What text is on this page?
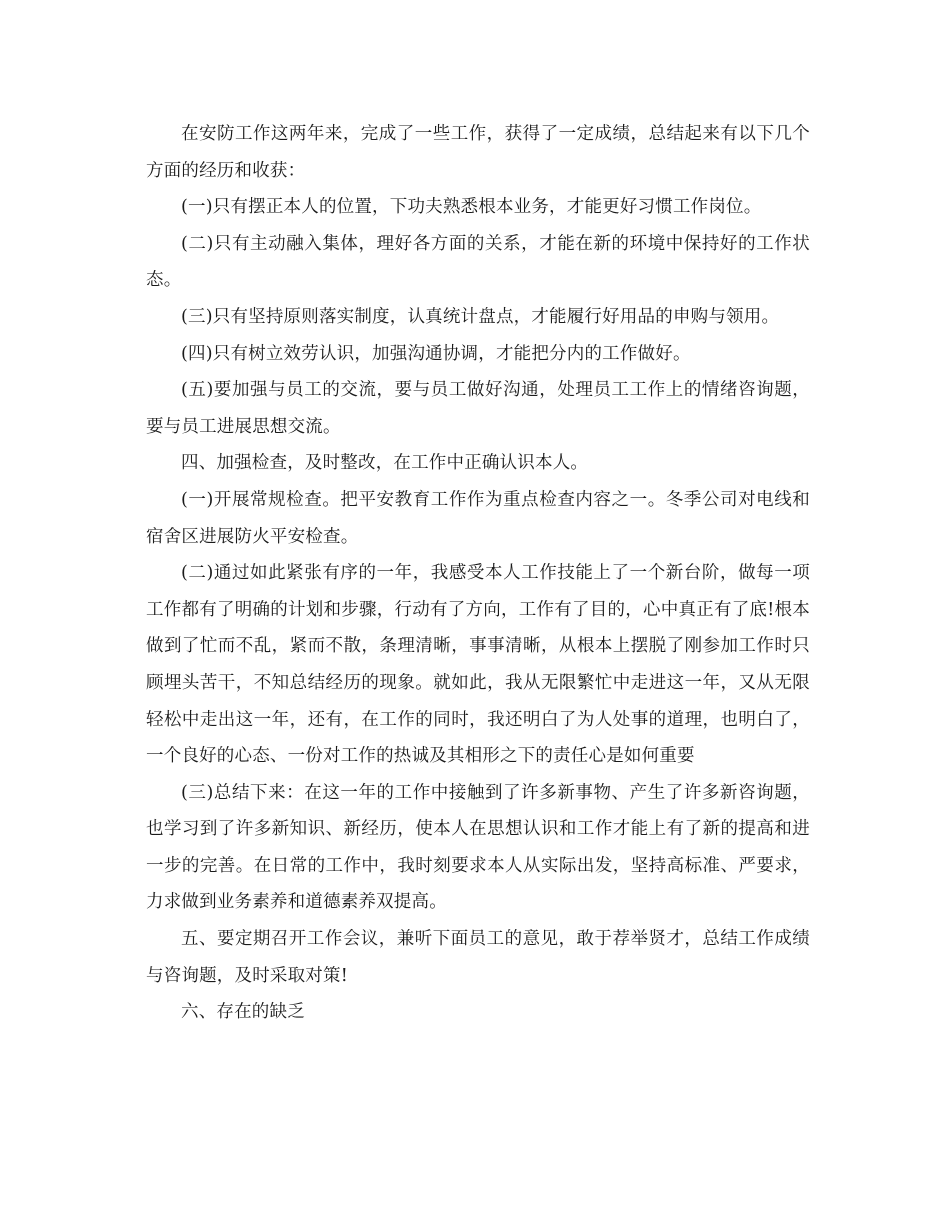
在安防工作这两年来，完成了一些工作，获得了一定成绩，总结起来有以下几个方面的经历和收获：

(一)只有摆正本人的位置，下功夫熟悉根本业务，才能更好习惯工作岗位。

(二)只有主动融入集体，理好各方面的关系，才能在新的环境中保持好的工作状态。

(三)只有坚持原则落实制度，认真统计盘点，才能履行好用品的申购与领用。

(四)只有树立效劳认识，加强沟通协调，才能把分内的工作做好。

(五)要加强与员工的交流，要与员工做好沟通，处理员工工作上的情绪咨询题，要与员工进展思想交流。

四、加强检查，及时整改，在工作中正确认识本人。

(一)开展常规检查。把平安教育工作作为重点检查内容之一。冬季公司对电线和宿舍区进展防火平安检查。

(二)通过如此紧张有序的一年，我感受本人工作技能上了一个新台阶，做每一项工作都有了明确的计划和步骤，行动有了方向，工作有了目的，心中真正有了底!根本做到了忙而不乱，紧而不散，条理清晰，事事清晰，从根本上摆脱了刚参加工作时只顾埋头苦干，不知总结经历的现象。就如此，我从无限繁忙中走进这一年，又从无限轻松中走出这一年，还有，在工作的同时，我还明白了为人处事的道理，也明白了，一个良好的心态、一份对工作的热诚及其相形之下的责任心是如何重要

(三)总结下来：在这一年的工作中接触到了许多新事物、产生了许多新咨询题，也学习到了许多新知识、新经历，使本人在思想认识和工作才能上有了新的提高和进一步的完善。在日常的工作中，我时刻要求本人从实际出发，坚持高标准、严要求，力求做到业务素养和道德素养双提高。

五、要定期召开工作会议，兼听下面员工的意见，敢于荐举贤才，总结工作成绩与咨询题，及时采取对策!

六、存在的缺乏
